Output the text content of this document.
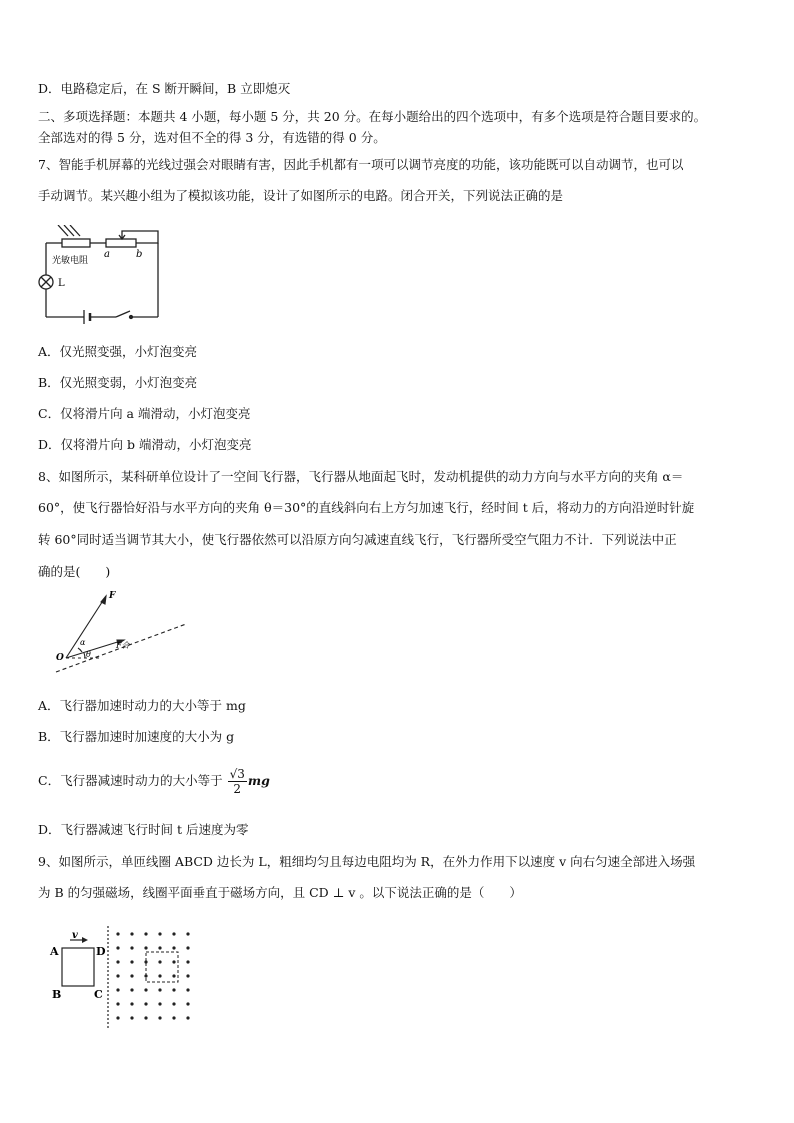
D．电路稳定后，在 S 断开瞬间，B 立即熄灭
二、多项选择题：本题共 4 小题，每小题 5 分，共 20 分。在每小题给出的四个选项中，有多个选项是符合题目要求的。
全部选对的得 5 分，选对但不全的得 3 分，有选错的得 0 分。
7、智能手机屏幕的光线过强会对眼睛有害，因此手机都有一项可以调节亮度的功能，该功能既可以自动调节，也可以
手动调节。某兴趣小组为了模拟该功能，设计了如图所示的电路。闭合开关，下列说法正确的是
光敏电阻
a	b
L
A．仅光照变强，小灯泡变亮
B．仅光照变弱，小灯泡变亮
C．仅将滑片向 a 端滑动，小灯泡变亮
D．仅将滑片向 b 端滑动，小灯泡变亮
8、如图所示，某科研单位设计了一空间飞行器，飞行器从地面起飞时，发动机提供的动力方向与水平方向的夹角 α＝
60°，使飞行器恰好沿与水平方向的夹角 θ＝30°的直线斜向右上方匀加速飞行，经时间 t 后，将动力的方向沿逆时针旋
转 60°同时适当调节其大小，使飞行器依然可以沿原方向匀减速直线飞行，飞行器所受空气阻力不计．下列说法中正
确的是(　　)
F
α
θ
O
F合
A．飞行器加速时动力的大小等于 mg
B．飞行器加速时加速度的大小为 g
C．飞行器减速时动力的大小等于 $\frac{√3}{2}$ mg
D．飞行器减速飞行时间 t 后速度为零
9、如图所示，单匝线圈 ABCD 边长为 L，粗细均匀且每边电阻均为 R，在外力作用下以速度 v 向右匀速全部进入场强
为 B 的匀强磁场，线圈平面垂直于磁场方向，且 CD ⊥ v 。以下说法正确的是（　　）
A
B	C
D
v
